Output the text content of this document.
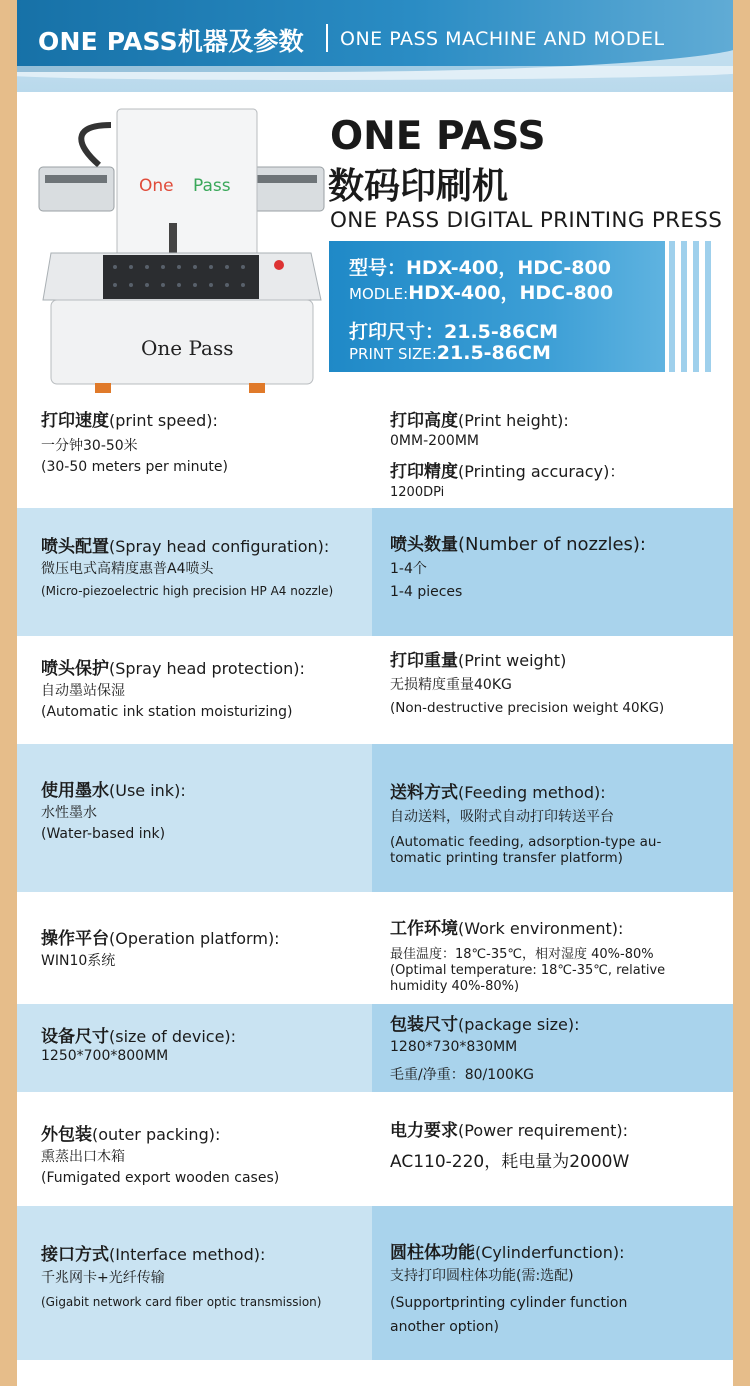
ONE PASS机器及参数 ONE PASS MACHINE AND MODEL
One Pass
One Pass
ONE PASS
数码印刷机
ONE PASS DIGITAL PRINTING PRESS
型号：HDX-400，HDC-800
MODLE:HDX-400，HDC-800
打印尺寸：21.5-86CM
PRINT SIZE:21.5-86CM
打印速度(print speed):
一分钟30-50米
(30-50 meters per minute)
打印高度(Print height):
0MM-200MM
打印精度(Printing accuracy)：
1200DPi
喷头配置(Spray head configuration):
微压电式高精度惠普A4喷头
(Micro-piezoelectric high precision HP A4 nozzle)
喷头数量(Number of nozzles):
1-4个
1-4 pieces
喷头保护(Spray head protection):
自动墨站保湿
(Automatic ink station moisturizing)
打印重量(Print weight)
无损精度重量40KG
(Non-destructive precision weight 40KG)
使用墨水(Use ink):
水性墨水
(Water-based ink)
送料方式(Feeding method):
自动送料，吸附式自动打印转送平台
(Automatic feeding, adsorption-type au-
tomatic printing transfer platform)
操作平台(Operation platform):
WIN10系统
工作环境(Work environment):
最佳温度：18℃-35℃，相对湿度 40%-80%
(Optimal temperature: 18℃-35℃, relative
humidity 40%-80%)
设备尺寸(size of device):
1250*700*800MM
包装尺寸(package size):
1280*730*830MM
毛重/净重：80/100KG
外包装(outer packing):
熏蒸出口木箱
(Fumigated export wooden cases)
电力要求(Power requirement):
AC110-220，耗电量为2000W
接口方式(Interface method):
千兆网卡+光纤传输
(Gigabit network card fiber optic transmission)
圆柱体功能(Cylinderfunction):
支持打印圆柱体功能(需:选配)
(Supportprinting cylinder function
another option)
